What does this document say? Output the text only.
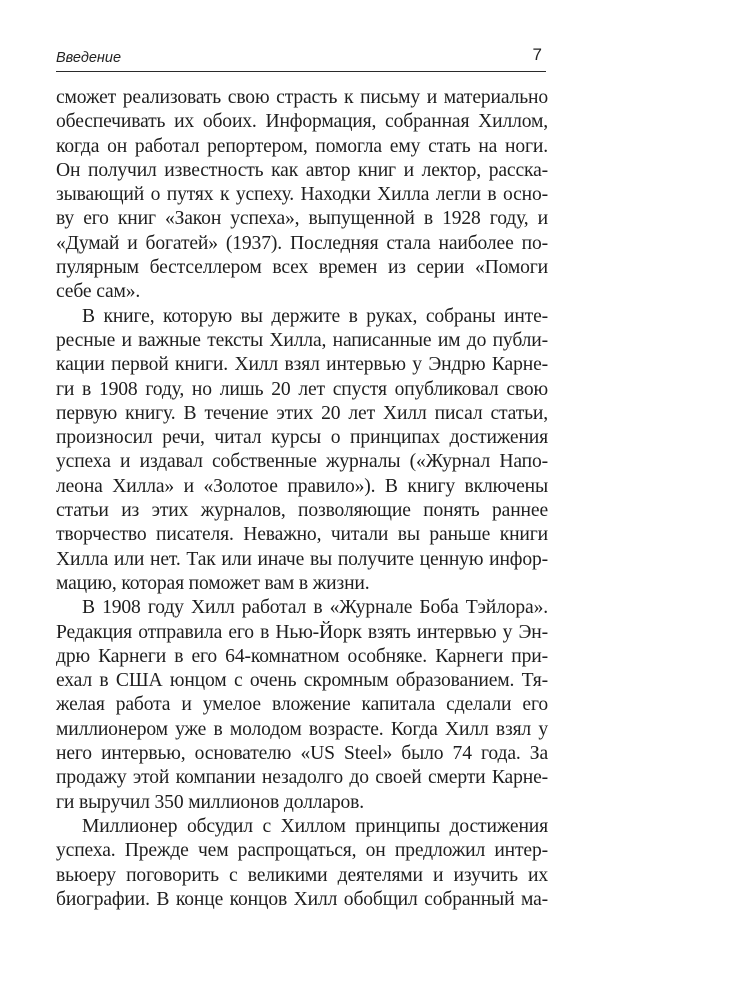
Введение	7
сможет реализовать свою страсть к письму и материально
обеспечивать их обоих. Информация, собранная Хиллом,
когда он работал репортером, помогла ему стать на ноги.
Он получил известность как автор книг и лектор, расска-
зывающий о путях к успеху. Находки Хилла легли в осно-
ву его книг «Закон успеха», выпущенной в 1928 году, и
«Думай и богатей» (1937). Последняя стала наиболее по-
пулярным бестселлером всех времен из серии «Помоги
себе сам».
В книге, которую вы держите в руках, собраны инте-
ресные и важные тексты Хилла, написанные им до публи-
кации первой книги. Хилл взял интервью у Эндрю Карне-
ги в 1908 году, но лишь 20 лет спустя опубликовал свою
первую книгу. В течение этих 20 лет Хилл писал статьи,
произносил речи, читал курсы о принципах достижения
успеха и издавал собственные журналы («Журнал Напо-
леона Хилла» и «Золотое правило»). В книгу включены
статьи из этих журналов, позволяющие понять раннее
творчество писателя. Неважно, читали вы раньше книги
Хилла или нет. Так или иначе вы получите ценную инфор-
мацию, которая поможет вам в жизни.
В 1908 году Хилл работал в «Журнале Боба Тэйлора».
Редакция отправила его в Нью-Йорк взять интервью у Эн-
дрю Карнеги в его 64-комнатном особняке. Карнеги при-
ехал в США юнцом с очень скромным образованием. Тя-
желая работа и умелое вложение капитала сделали его
миллионером уже в молодом возрасте. Когда Хилл взял у
него интервью, основателю «US Steel» было 74 года. За
продажу этой компании незадолго до своей смерти Карне-
ги выручил 350 миллионов долларов.
Миллионер обсудил с Хиллом принципы достижения
успеха. Прежде чем распрощаться, он предложил интер-
вьюеру поговорить с великими деятелями и изучить их
биографии. В конце концов Хилл обобщил собранный ма-
